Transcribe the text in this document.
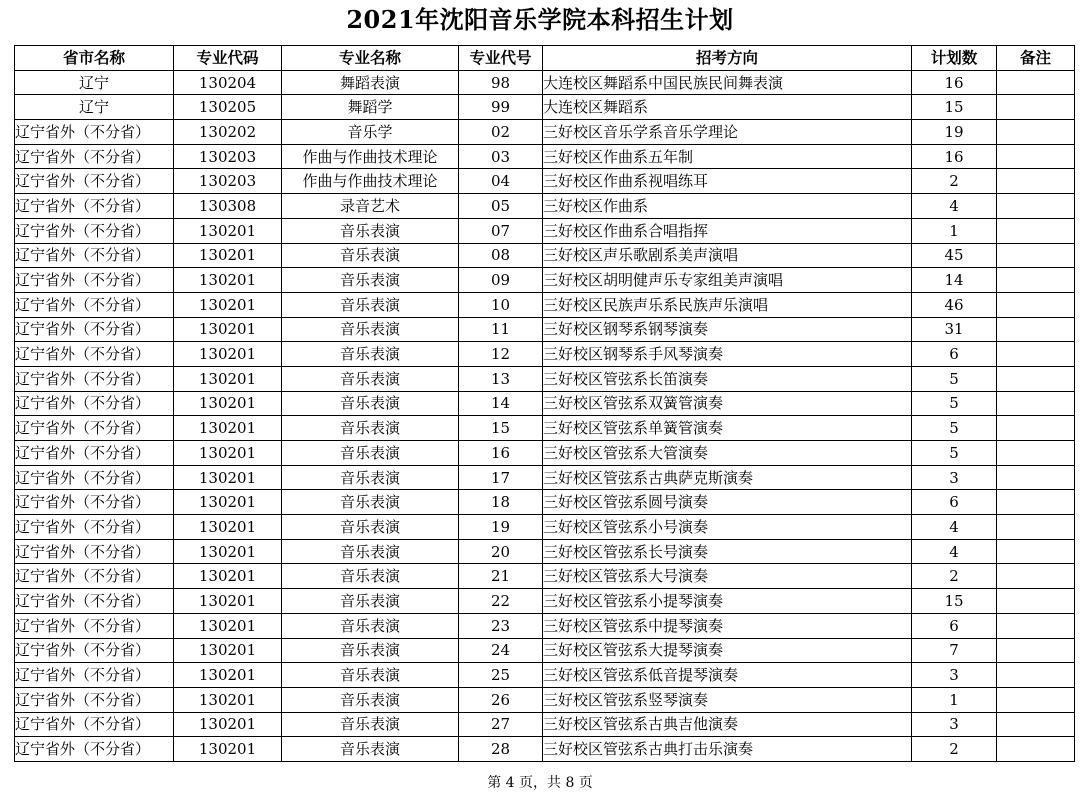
2021年沈阳音乐学院本科招生计划
省市名称	专业代码	专业名称	专业代号	招考方向	计划数	备注
辽宁	130204	舞蹈表演	98	大连校区舞蹈系中国民族民间舞表演	16	
辽宁	130205	舞蹈学	99	大连校区舞蹈系	15	
辽宁省外（不分省）	130202	音乐学	02	三好校区音乐学系音乐学理论	19	
辽宁省外（不分省）	130203	作曲与作曲技术理论	03	三好校区作曲系五年制	16	
辽宁省外（不分省）	130203	作曲与作曲技术理论	04	三好校区作曲系视唱练耳	2	
辽宁省外（不分省）	130308	录音艺术	05	三好校区作曲系	4	
辽宁省外（不分省）	130201	音乐表演	07	三好校区作曲系合唱指挥	1	
辽宁省外（不分省）	130201	音乐表演	08	三好校区声乐歌剧系美声演唱	45	
辽宁省外（不分省）	130201	音乐表演	09	三好校区胡明健声乐专家组美声演唱	14	
辽宁省外（不分省）	130201	音乐表演	10	三好校区民族声乐系民族声乐演唱	46	
辽宁省外（不分省）	130201	音乐表演	11	三好校区钢琴系钢琴演奏	31	
辽宁省外（不分省）	130201	音乐表演	12	三好校区钢琴系手风琴演奏	6	
辽宁省外（不分省）	130201	音乐表演	13	三好校区管弦系长笛演奏	5	
辽宁省外（不分省）	130201	音乐表演	14	三好校区管弦系双簧管演奏	5	
辽宁省外（不分省）	130201	音乐表演	15	三好校区管弦系单簧管演奏	5	
辽宁省外（不分省）	130201	音乐表演	16	三好校区管弦系大管演奏	5	
辽宁省外（不分省）	130201	音乐表演	17	三好校区管弦系古典萨克斯演奏	3	
辽宁省外（不分省）	130201	音乐表演	18	三好校区管弦系圆号演奏	6	
辽宁省外（不分省）	130201	音乐表演	19	三好校区管弦系小号演奏	4	
辽宁省外（不分省）	130201	音乐表演	20	三好校区管弦系长号演奏	4	
辽宁省外（不分省）	130201	音乐表演	21	三好校区管弦系大号演奏	2	
辽宁省外（不分省）	130201	音乐表演	22	三好校区管弦系小提琴演奏	15	
辽宁省外（不分省）	130201	音乐表演	23	三好校区管弦系中提琴演奏	6	
辽宁省外（不分省）	130201	音乐表演	24	三好校区管弦系大提琴演奏	7	
辽宁省外（不分省）	130201	音乐表演	25	三好校区管弦系低音提琴演奏	3	
辽宁省外（不分省）	130201	音乐表演	26	三好校区管弦系竖琴演奏	1	
辽宁省外（不分省）	130201	音乐表演	27	三好校区管弦系古典吉他演奏	3	
辽宁省外（不分省）	130201	音乐表演	28	三好校区管弦系古典打击乐演奏	2	
第 4 页，共 8 页
